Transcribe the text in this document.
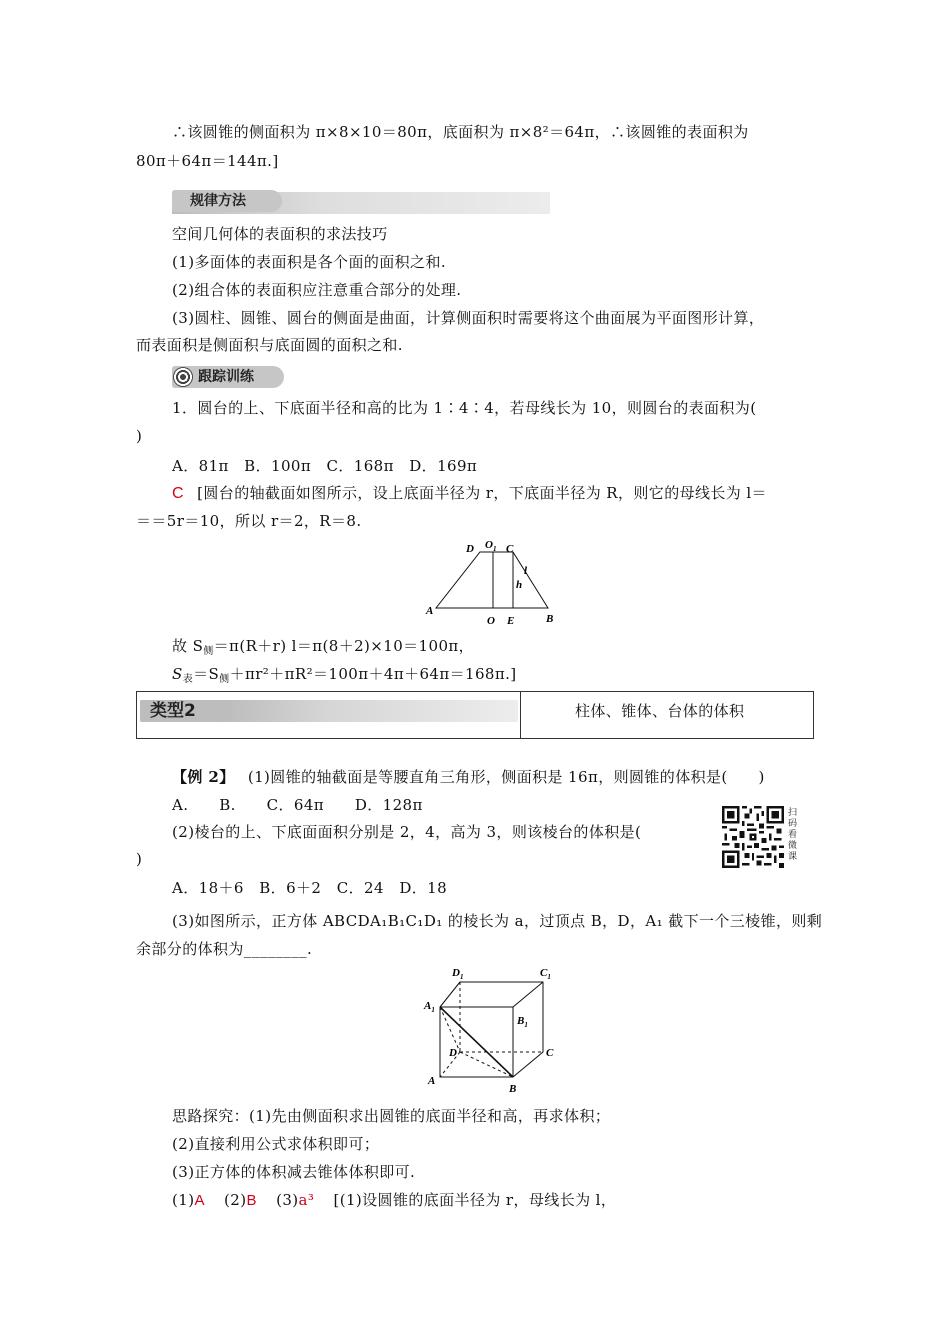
∴该圆锥的侧面积为 π×8×10＝80π，底面积为 π×8²＝64π，∴该圆锥的表面积为
80π＋64π＝144π.]
规律方法
空间几何体的表面积的求法技巧
(1)多面体的表面积是各个面的面积之和.
(2)组合体的表面积应注意重合部分的处理.
(3)圆柱、圆锥、圆台的侧面是曲面，计算侧面积时需要将这个曲面展为平面图形计算，
而表面积是侧面积与底面圆的面积之和.
跟踪训练
1．圆台的上、下底面半径和高的比为 1∶4∶4，若母线长为 10，则圆台的表面积为(
)
A．81π　B．100π　C．168π　D．169π
C [圆台的轴截面如图所示，设上底面半径为 r，下底面半径为 R，则它的母线长为 l＝
＝＝5r＝10，所以 r＝2，R＝8.
D $O_1$ C
l
h
A
O E	B
故 $S_侧=\pi(R+r)$ l＝π(8＋2)×10＝100π，
$S_表=S_侧+\pi r^2+\pi R^2=100\pi+4\pi+64\pi=168\pi$.]
类型2	柱体、锥体、台体的体积
【例 2】 (1)圆锥的轴截面是等腰直角三角形，侧面积是 16π，则圆锥的体积是(　　)
A.　　B.　　C．64π　　D．128π
(2)棱台的上、下底面面积分别是 2，4，高为 3，则该棱台的体积是(
)
A．18＋6　B．6＋2　C．24　D．18
(3)如图所示，正方体 ABCDA₁B₁C₁D₁ 的棱长为 a，过顶点 B，D，A₁ 截下一个三棱锥，则剩
余部分的体积为________.
扫码看微课
$D_1$	$C_1$
$A_1$
$B_1$
D	C
A
B
思路探究：(1)先由侧面积求出圆锥的底面半径和高，再求体积；
(2)直接利用公式求体积即可；
(3)正方体的体积减去锥体体积即可.
(1)A (2)B (3)a³ [(1)设圆锥的底面半径为 r，母线长为 l，
